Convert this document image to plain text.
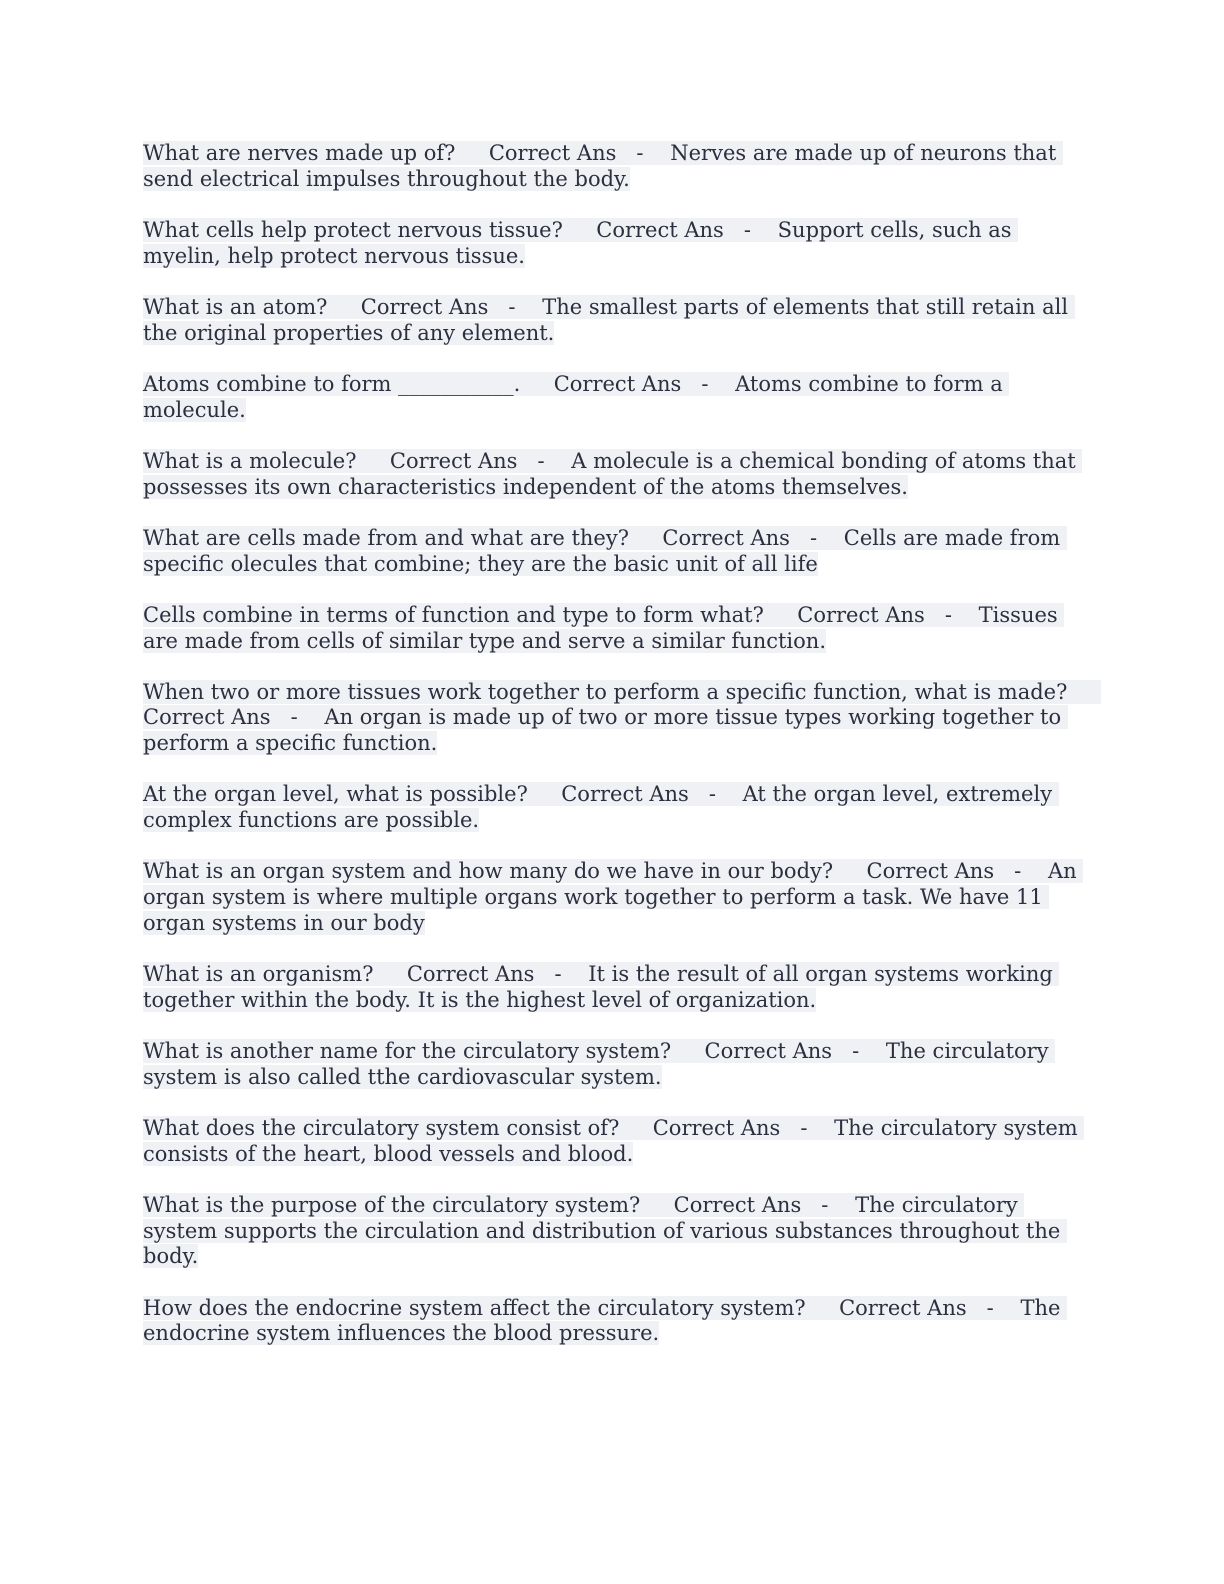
What are nerves made up of? Correct Ans - Nerves are made up of neurons that send electrical impulses throughout the body.

What cells help protect nervous tissue? Correct Ans - Support cells, such as myelin, help protect nervous tissue.

What is an atom? Correct Ans - The smallest parts of elements that still retain all the original properties of any element.

Atoms combine to form ___________. Correct Ans - Atoms combine to form a molecule.

What is a molecule? Correct Ans - A molecule is a chemical bonding of atoms that possesses its own characteristics independent of the atoms themselves.

What are cells made from and what are they? Correct Ans - Cells are made from specific olecules that combine; they are the basic unit of all life

Cells combine in terms of function and type to form what? Correct Ans - Tissues are made from cells of similar type and serve a similar function.

When two or more tissues work together to perform a specific function, what is made?     Correct Ans - An organ is made up of two or more tissue types working together to perform a specific function.

At the organ level, what is possible? Correct Ans - At the organ level, extremely complex functions are possible.

What is an organ system and how many do we have in our body? Correct Ans - An organ system is where multiple organs work together to perform a task. We have 11 organ systems in our body

What is an organism? Correct Ans - It is the result of all organ systems working together within the body. It is the highest level of organization.

What is another name for the circulatory system? Correct Ans - The circulatory system is also called tthe cardiovascular system.

What does the circulatory system consist of? Correct Ans - The circulatory system consists of the heart, blood vessels and blood.

What is the purpose of the circulatory system? Correct Ans - The circulatory system supports the circulation and distribution of various substances throughout the body.

How does the endocrine system affect the circulatory system? Correct Ans - The endocrine system influences the blood pressure.
